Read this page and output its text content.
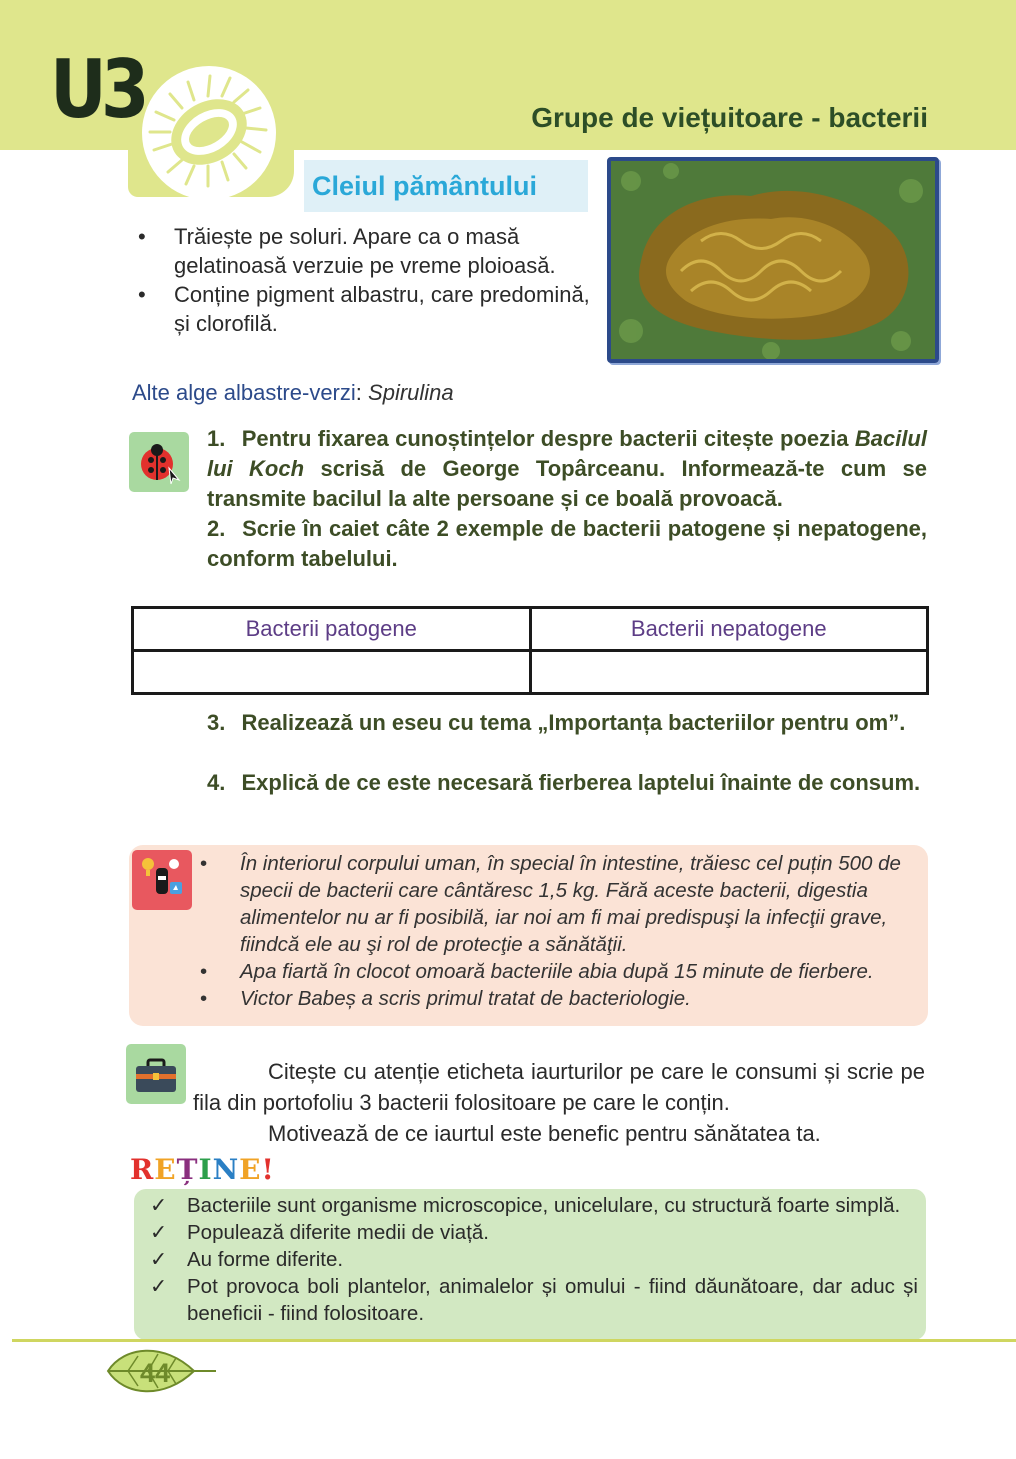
U3	Grupe de viețuitoare - bacterii
Cleiul pământului
• Trăiește pe soluri. Apare ca o masă gelatinoasă verzuie pe vreme ploioasă.
• Conține pigment albastru, care predomină, și clorofilă.
Alte alge albastre-verzi: Spirulina
1. Pentru fixarea cunoștințelor despre bacterii citește poezia Bacilul lui Koch scrisă de George Topârceanu. Informează-te cum se transmite bacilul la alte persoane și ce boală provoacă.
2. Scrie în caiet câte 2 exemple de bacterii patogene și nepatogene, conform tabelului.
Bacterii patogene	Bacterii nepatogene

3. Realizează un eseu cu tema „Importanța bacteriilor pentru om”.
4. Explică de ce este necesară fierberea laptelui înainte de consum.
• În interiorul corpului uman, în special în intestine, trăiesc cel puțin 500 de specii de bacterii care cântăresc 1,5 kg. Fără aceste bacterii, digestia alimentelor nu ar fi posibilă, iar noi am fi mai predispuşi la infecţii grave, fiindcă ele au şi rol de protecţie a sănătăţii.
• Apa fiartă în clocot omoară bacteriile abia după 15 minute de fierbere.
• Victor Babeș a scris primul tratat de bacteriologie.
Citește cu atenție eticheta iaurturilor pe care le consumi și scrie pe fila din portofoliu 3 bacterii folositoare pe care le conțin.
Motivează de ce iaurtul este benefic pentru sănătatea ta.
REȚINE!
✓ Bacteriile sunt organisme microscopice, unicelulare, cu structură foarte simplă.
✓ Populează diferite medii de viață.
✓ Au forme diferite.
✓ Pot provoca boli plantelor, animalelor și omului - fiind dăunătoare, dar aduc și beneficii - fiind folositoare.
44
